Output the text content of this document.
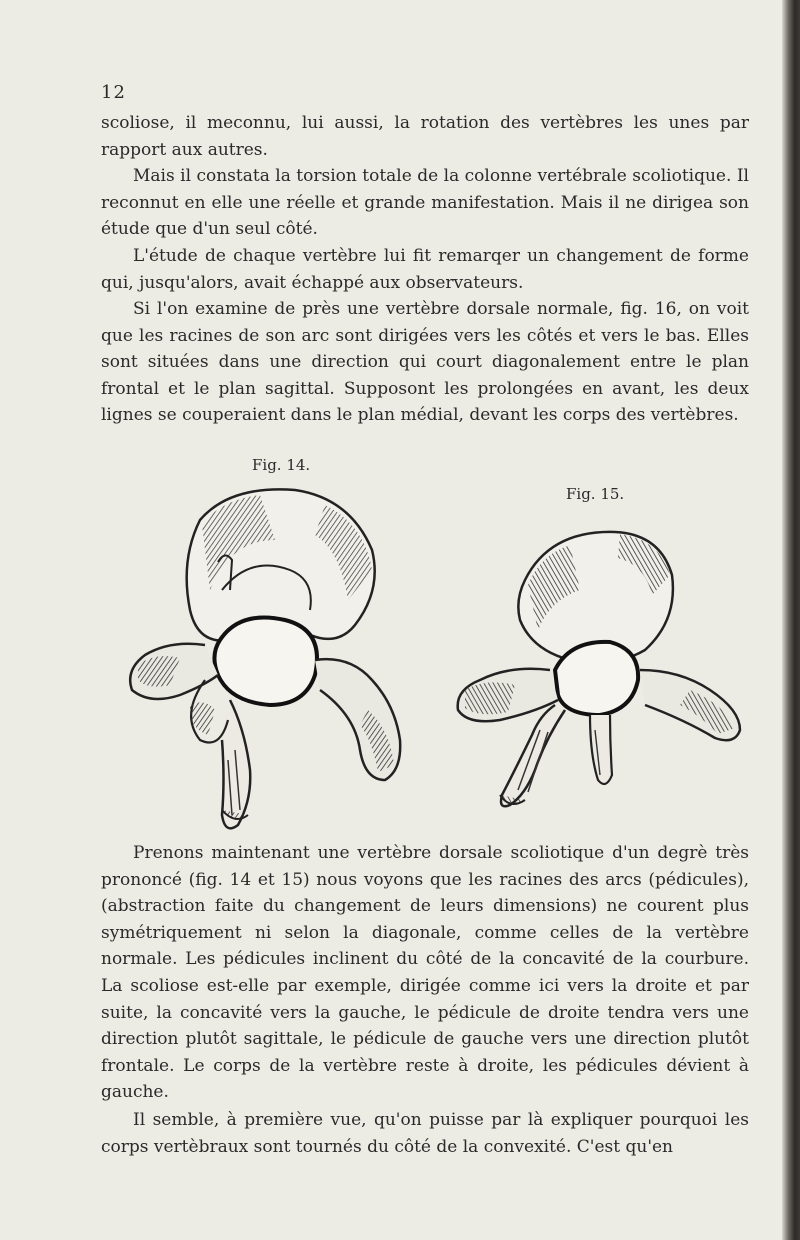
12

scoliose, il meconnu, lui aussi, la rotation des vertèbres les unes par rapport aux autres.

Mais il constata la torsion totale de la colonne vertébrale scoliotique. Il reconnut en elle une réelle et grande manifestation. Mais il ne dirigea son étude que d'un seul côté.

L'étude de chaque vertèbre lui fit remarqer un changement de forme qui, jusqu'alors, avait échappé aux observateurs.

Si l'on examine de près une vertèbre dorsale normale, fig. 16, on voit que les racines de son arc sont dirigées vers les côtés et vers le bas. Elles sont situées dans une direction qui court diagonalement entre le plan frontal et le plan sagittal. Supposont les prolongées en avant, les deux lignes se couperaient dans le plan médial, devant les corps des vertèbres.

Fig. 14.
Fig. 15.

Prenons maintenant une vertèbre dorsale scoliotique d'un degrè très prononcé (fig. 14 et 15) nous voyons que les racines des arcs (pédicules), (abstraction faite du changement de leurs dimensions) ne courent plus symétriquement ni selon la diagonale, comme celles de la vertèbre normale. Les pédicules inclinent du côté de la concavité de la courbure. La scoliose est-elle par exemple, dirigée comme ici vers la droite et par suite, la concavité vers la gauche, le pédicule de droite tendra vers une direction plutôt sagittale, le pédicule de gauche vers une direction plutôt frontale. Le corps de la vertèbre reste à droite, les pédicules dévient à gauche.

Il semble, à première vue, qu'on puisse par là expliquer pourquoi les corps vertèbraux sont tournés du côté de la convexité. C'est qu'en
